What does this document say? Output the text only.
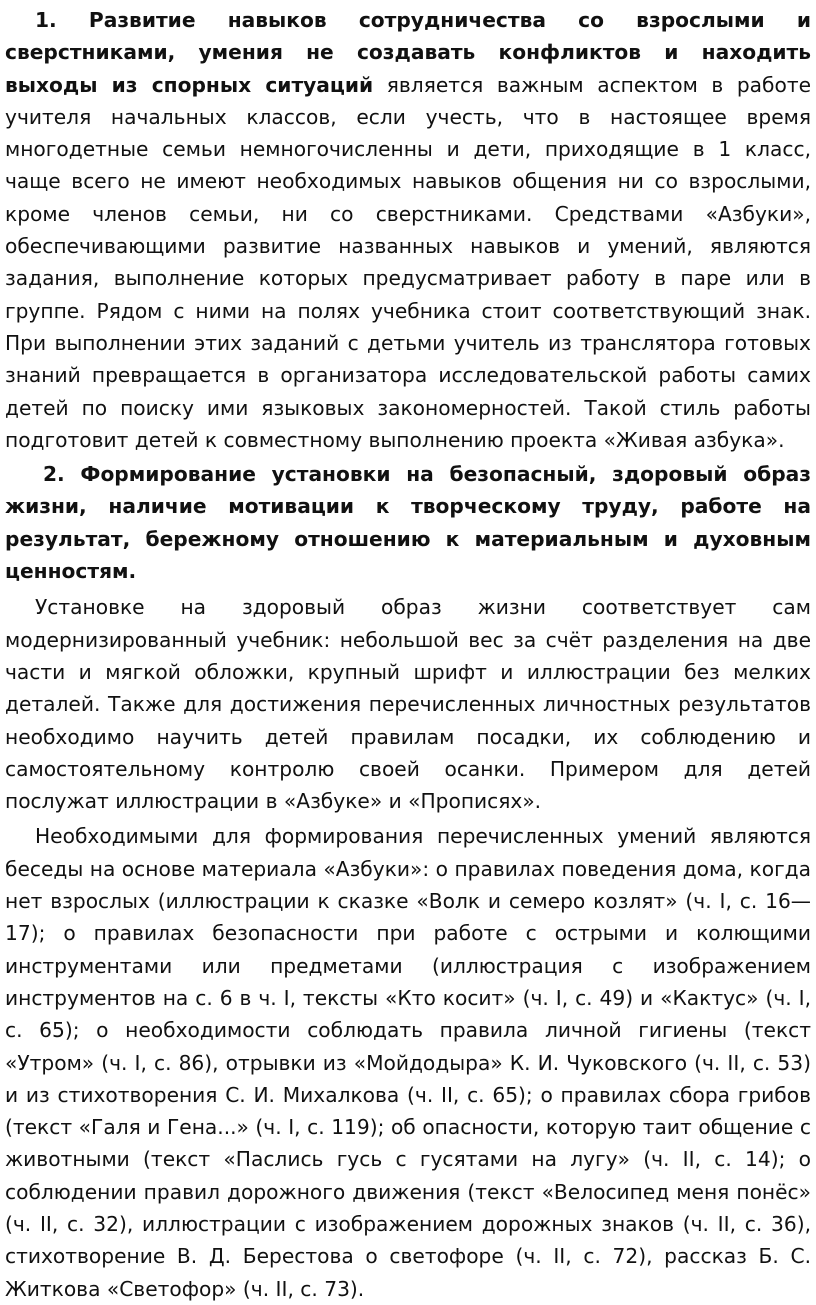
1. Развитие навыков сотрудничества со взрослыми и сверстниками, умения не создавать конфликтов и находить выходы из спорных ситуаций является важным аспектом в работе учителя начальных классов, если учесть, что в настоящее время многодетные семьи немногочисленны и дети, приходящие в 1 класс, чаще всего не имеют необходимых навыков общения ни со взрослыми, кроме членов семьи, ни со сверстниками. Средствами «Азбуки», обеспечивающими развитие названных навыков и умений, являются задания, выполнение которых предусматривает работу в паре или в группе. Рядом с ними на полях учебника стоит соответствующий знак. При выполнении этих заданий с детьми учитель из транслятора готовых знаний превращается в организатора исследовательской работы самих детей по поиску ими языковых закономерностей. Такой стиль работы подготовит детей к совместному выполнению проекта «Живая азбука».

2. Формирование установки на безопасный, здоровый образ жизни, наличие мотивации к творческому труду, работе на результат, бережному отношению к материальным и духовным ценностям.

Установке на здоровый образ жизни соответствует сам модернизированный учебник: небольшой вес за счёт разделения на две части и мягкой обложки, крупный шрифт и иллюстрации без мелких деталей. Также для достижения перечисленных личностных результатов необходимо научить детей правилам посадки, их соблюдению и самостоятельному контролю своей осанки. Примером для детей послужат иллюстрации в «Азбуке» и «Прописях».

Необходимыми для формирования перечисленных умений являются беседы на основе материала «Азбуки»: о правилах поведения дома, когда нет взрослых (иллюстрации к сказке «Волк и семеро козлят» (ч. I, с. 16—17); о правилах безопасности при работе с острыми и колющими инструментами или предметами (иллюстрация с изображением инструментов на с. 6 в ч. I, тексты «Кто косит» (ч. I, с. 49) и «Кактус» (ч. I, с. 65); о необходимости соблюдать правила личной гигиены (текст «Утром» (ч. I, с. 86), отрывки из «Мойдодыра» К. И. Чуковского (ч. II, с. 53) и из стихотворения С. И. Михалкова (ч. II, с. 65); о правилах сбора грибов (текст «Галя и Гена...» (ч. I, с. 119); об опасности, которую таит общение с животными (текст «Паслись гусь с гусятами на лугу» (ч. II, с. 14); о соблюдении правил дорожного движения (текст «Велосипед меня понёс» (ч. II, с. 32), иллюстрации с изображением дорожных знаков (ч. II, с. 36), стихотворение В. Д. Берестова о светофоре (ч. II, с. 72), рассказ Б. С. Житкова «Светофор» (ч. II, с. 73).
